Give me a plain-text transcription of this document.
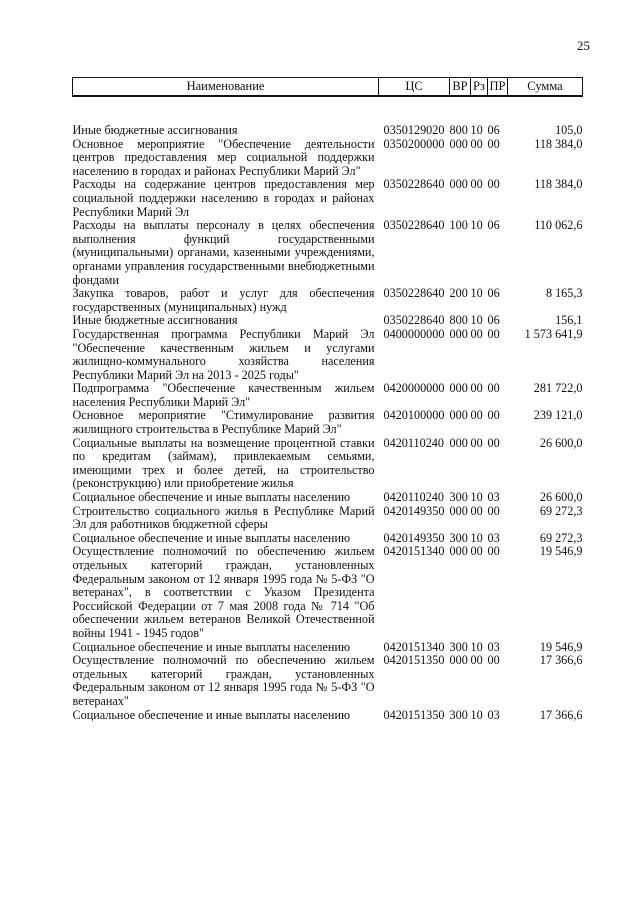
25
Наименование	ЦС	ВР	Рз	ПР	Сумма
Иные бюджетные ассигнования	0350129020	800	10	06	105,0
Основное мероприятие "Обеспечение деятельности центров предоставления мер социальной поддержки населению в городах и районах Республики Марий Эл"	0350200000	000	00	00	118 384,0
Расходы на содержание центров предоставления мер социальной поддержки населению в городах и районах Республики Марий Эл	0350228640	000	00	00	118 384,0
Расходы на выплаты персоналу в целях обеспечения выполнения функций государственными (муниципальными) органами, казенными учреждениями, органами управления государственными внебюджетными фондами	0350228640	100	10	06	110 062,6
Закупка товаров, работ и услуг для обеспечения государственных (муниципальных) нужд	0350228640	200	10	06	8 165,3
Иные бюджетные ассигнования	0350228640	800	10	06	156,1
Государственная программа Республики Марий Эл "Обеспечение качественным жильем и услугами жилищно-коммунального хозяйства населения Республики Марий Эл на 2013 - 2025 годы"	0400000000	000	00	00	1 573 641,9
Подпрограмма "Обеспечение качественным жильем населения Республики Марий Эл"	0420000000	000	00	00	281 722,0
Основное мероприятие "Стимулирование развития жилищного строительства в Республике Марий Эл"	0420100000	000	00	00	239 121,0
Социальные выплаты на возмещение процентной ставки по кредитам (займам), привлекаемым семьями, имеющими трех и более детей, на строительство (реконструкцию) или приобретение жилья	0420110240	000	00	00	26 600,0
Социальное обеспечение и иные выплаты населению	0420110240	300	10	03	26 600,0
Строительство социального жилья в Республике Марий Эл для работников бюджетной сферы	0420149350	000	00	00	69 272,3
Социальное обеспечение и иные выплаты населению	0420149350	300	10	03	69 272,3
Осуществление полномочий по обеспечению жильем отдельных категорий граждан, установленных Федеральным законом от 12 января 1995 года № 5-ФЗ "О ветеранах", в соответствии с Указом Президента Российской Федерации от 7 мая 2008 года № 714 "Об обеспечении жильем ветеранов Великой Отечественной войны 1941 - 1945 годов"	0420151340	000	00	00	19 546,9
Социальное обеспечение и иные выплаты населению	0420151340	300	10	03	19 546,9
Осуществление полномочий по обеспечению жильем отдельных категорий граждан, установленных Федеральным законом от 12 января 1995 года № 5-ФЗ "О ветеранах"	0420151350	000	00	00	17 366,6
Социальное обеспечение и иные выплаты населению	0420151350	300	10	03	17 366,6
